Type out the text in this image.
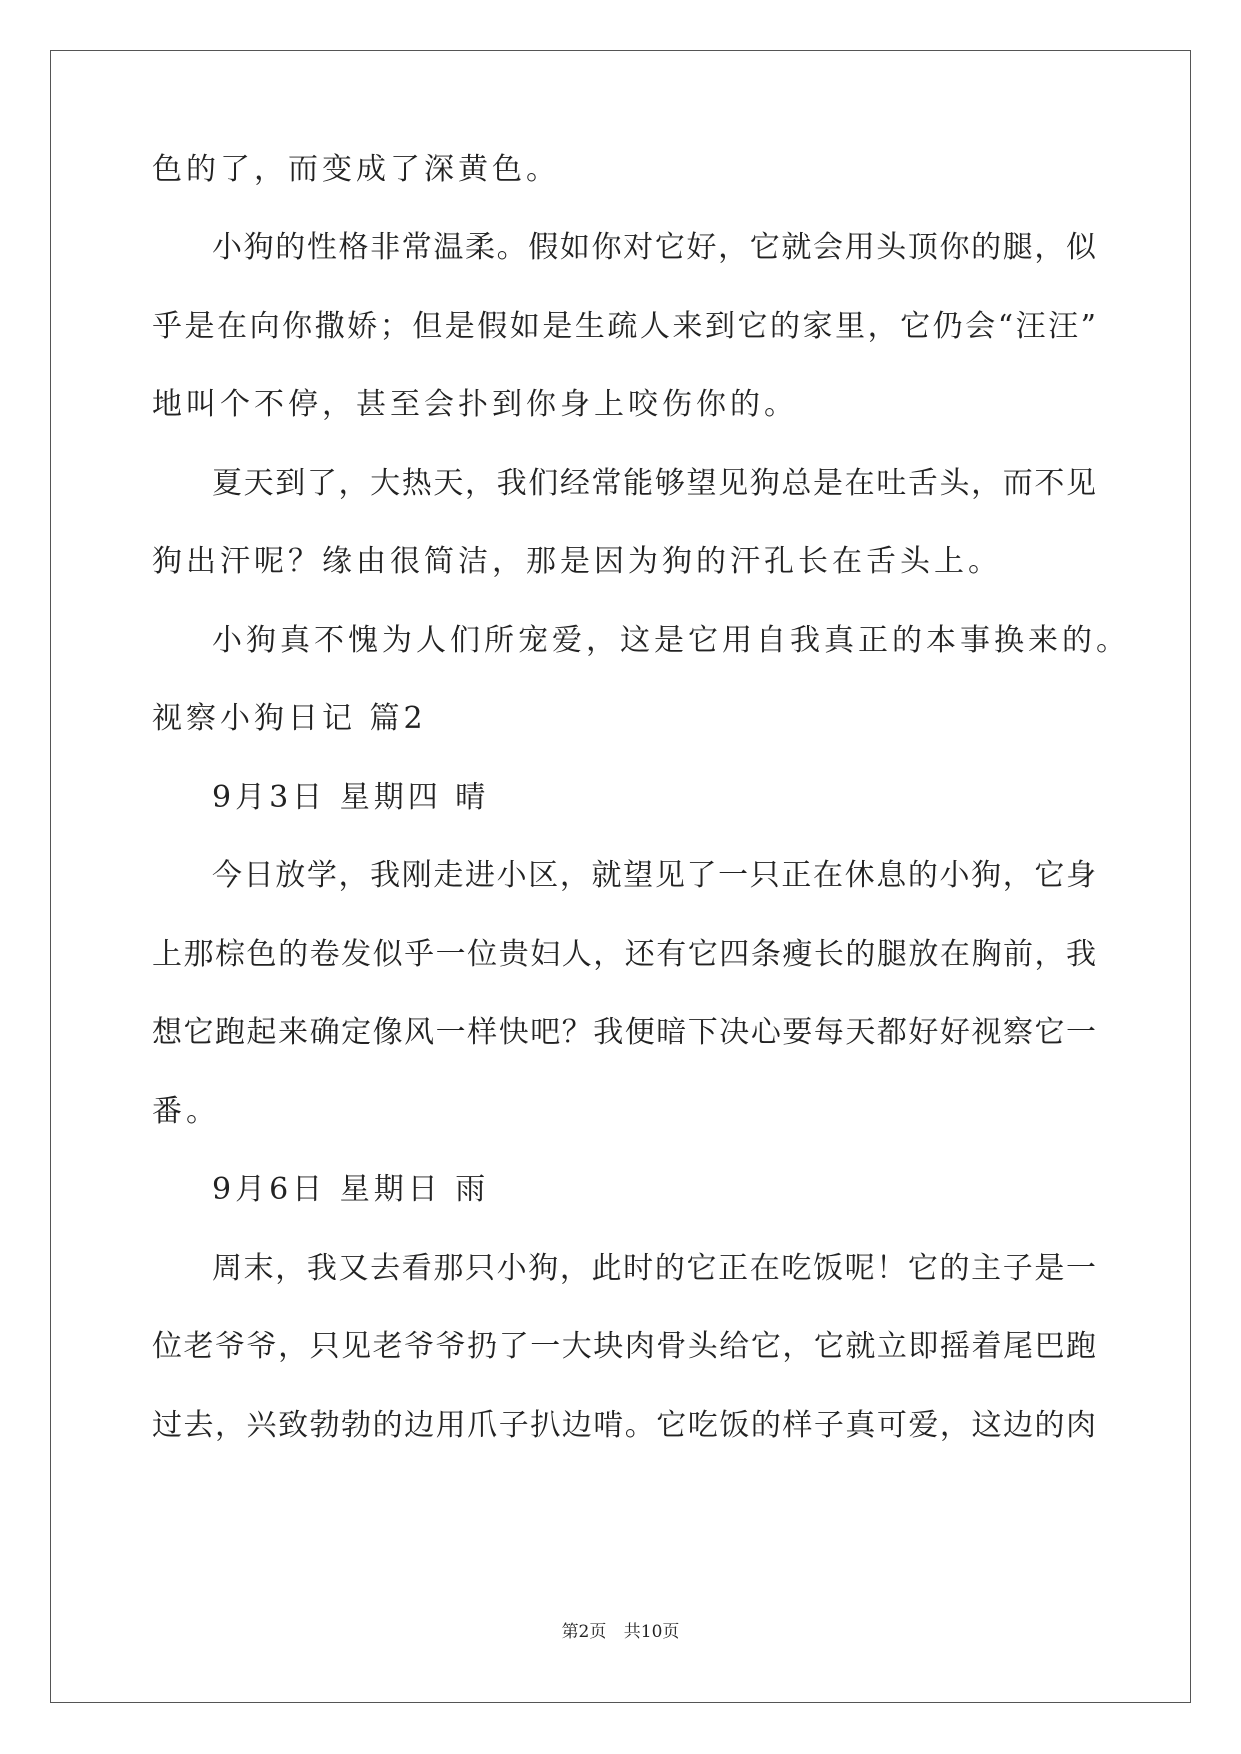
色的了，而变成了深黄色。
小狗的性格非常温柔。假如你对它好，它就会用头顶你的腿，似
乎是在向你撒娇；但是假如是生疏人来到它的家里，它仍会“汪汪”
地叫个不停，甚至会扑到你身上咬伤你的。
夏天到了，大热天，我们经常能够望见狗总是在吐舌头，而不见
狗出汗呢？缘由很简洁，那是因为狗的汗孔长在舌头上。
小狗真不愧为人们所宠爱，这是它用自我真正的本事换来的。
视察小狗日记 篇2
9月3日 星期四 晴
今日放学，我刚走进小区，就望见了一只正在休息的小狗，它身
上那棕色的卷发似乎一位贵妇人，还有它四条瘦长的腿放在胸前，我
想它跑起来确定像风一样快吧？我便暗下决心要每天都好好视察它一
番。
9月6日 星期日 雨
周末，我又去看那只小狗，此时的它正在吃饭呢！它的主子是一
位老爷爷，只见老爷爷扔了一大块肉骨头给它，它就立即摇着尾巴跑
过去，兴致勃勃的边用爪子扒边啃。它吃饭的样子真可爱，这边的肉
第2页 共10页
